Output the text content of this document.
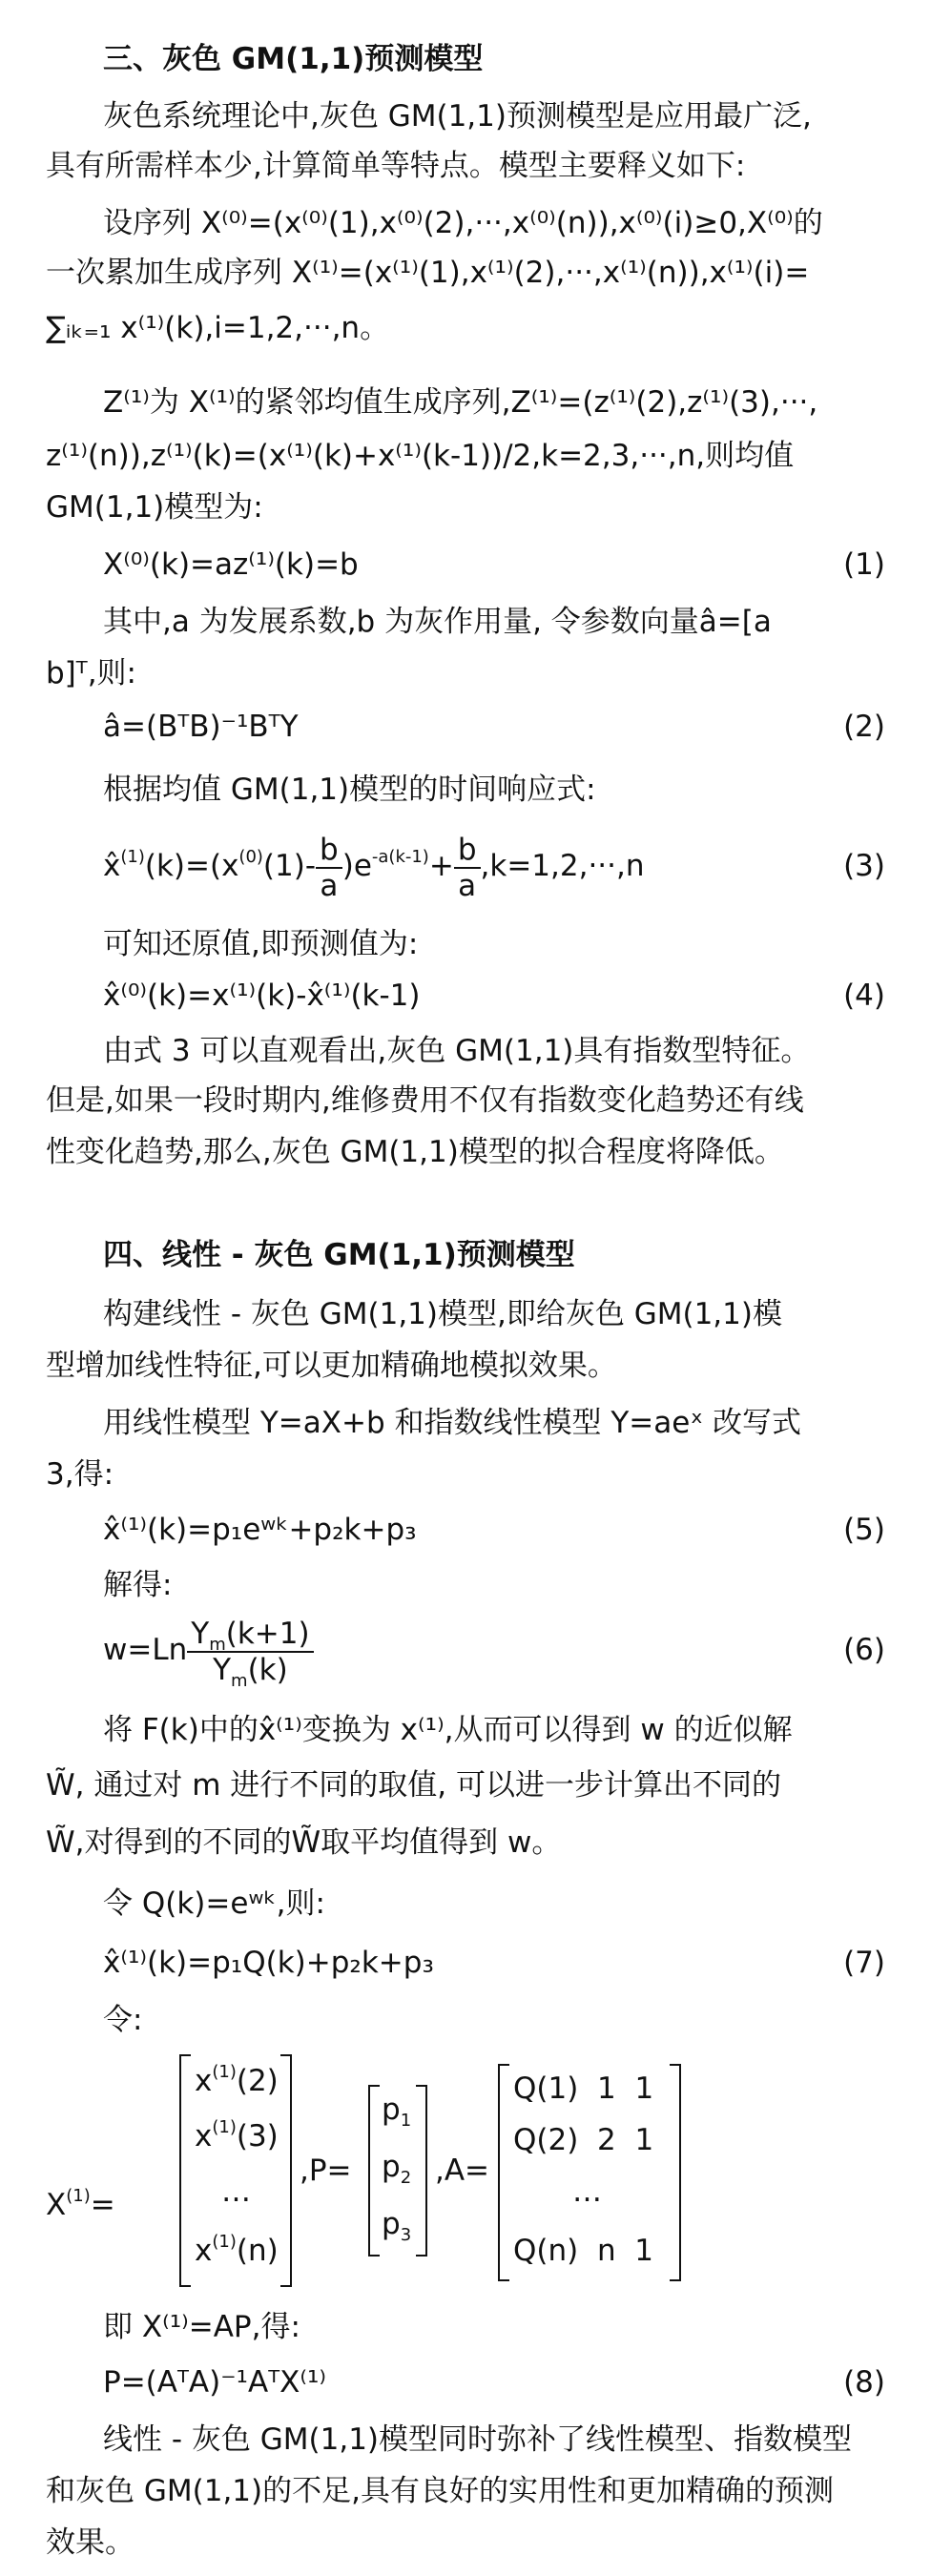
三、灰色 GM(1,1)预测模型
灰色系统理论中,灰色 GM(1,1)预测模型是应用最广泛,
具有所需样本少,计算简单等特点。模型主要释义如下:
设序列 X⁽⁰⁾=(x⁽⁰⁾(1),x⁽⁰⁾(2),···,x⁽⁰⁾(n)),x⁽⁰⁾(i)≥0,X⁽⁰⁾的
一次累加生成序列 X⁽¹⁾=(x⁽¹⁾(1),x⁽¹⁾(2),···,x⁽¹⁾(n)),x⁽¹⁾(i)=
∑ᵢₖ₌₁ x⁽¹⁾(k),i=1,2,···,n。
Z⁽¹⁾为 X⁽¹⁾的紧邻均值生成序列,Z⁽¹⁾=(z⁽¹⁾(2),z⁽¹⁾(3),···,
z⁽¹⁾(n)),z⁽¹⁾(k)=(x⁽¹⁾(k)+x⁽¹⁾(k-1))/2,k=2,3,···,n,则均值
GM(1,1)模型为:
X⁽⁰⁾(k)=az⁽¹⁾(k)=b	(1)
其中,a 为发展系数,b 为灰作用量, 令参数向量â=[a
b]ᵀ,则:
â=(BᵀB)⁻¹BᵀY	(2)
根据均值 GM(1,1)模型的时间响应式:
$x̂^{(1)}(k)=(x^{(0)}(1)- \frac{b}{a} )e^{-a(k-1)}+ \frac{b}{a} ,k=1,2,\cdot\cdot\cdot,n$	(3)
可知还原值,即预测值为:
x̂⁽⁰⁾(k)=x⁽¹⁾(k)-x̂⁽¹⁾(k-1)	(4)
由式 3 可以直观看出,灰色 GM(1,1)具有指数型特征。
但是,如果一段时期内,维修费用不仅有指数变化趋势还有线
性变化趋势,那么,灰色 GM(1,1)模型的拟合程度将降低。
四、线性 - 灰色 GM(1,1)预测模型
构建线性 - 灰色 GM(1,1)模型,即给灰色 GM(1,1)模
型增加线性特征,可以更加精确地模拟效果。
用线性模型 Y=aX+b 和指数线性模型 Y=aeˣ 改写式
3,得:
x̂⁽¹⁾(k)=p₁eʷᵏ+p₂k+p₃	(5)
解得:
$w=Ln \frac{Y_m(k+1)}{Y_m(k)}$	(6)
将 F(k)中的x̂⁽¹⁾变换为 x⁽¹⁾,从而可以得到 w 的近似解
W̃, 通过对 m 进行不同的取值, 可以进一步计算出不同的
W̃,对得到的不同的W̃取平均值得到 w。
令 Q(k)=eʷᵏ,则:
x̂⁽¹⁾(k)=p₁Q(k)+p₂k+p₃	(7)
令:
$X^{(1)}=$
$x^{(1)}(2)$
$x^{(1)}(3)$
…
$x^{(1)}(n)$
,P=
$p_1$
$p_2$
$p_3$
,A=
Q(1)  1  1
Q(2)  2  1
…
Q(n)  n  1
即 X⁽¹⁾=AP,得:
P=(AᵀA)⁻¹AᵀX⁽¹⁾	(8)
线性 - 灰色 GM(1,1)模型同时弥补了线性模型、指数模型
和灰色 GM(1,1)的不足,具有良好的实用性和更加精确的预测
效果。
